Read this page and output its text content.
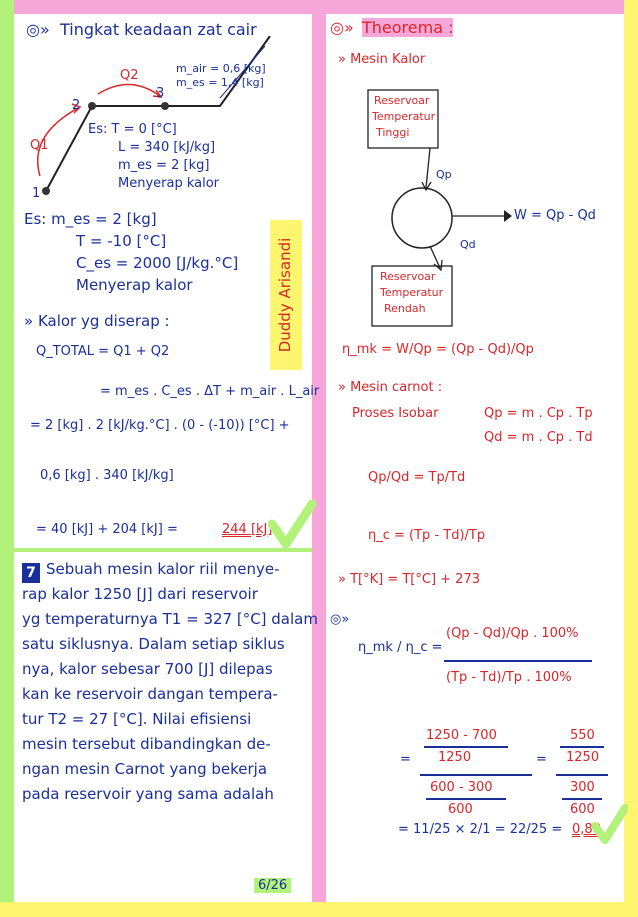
◎» Tingkat keadaan zat cair
m_air = 0,6 [kg]
m_es = 1,4 [kg]
Q2
3
2
Q1
1
Es: T = 0 [°C]
L = 340 [kJ/kg]
m_es = 2 [kg]
Menyerap kalor
Es: m_es = 2 [kg]
T = -10 [°C]
C_es = 2000 [J/kg.°C]
Menyerap kalor
» Kalor yg diserap :
Q_TOTAL = Q1 + Q2
= m_es . C_es . ΔT + m_air . L_air
= 2 [kg] . 2 [kJ/kg.°C] . (0 - (-10)) [°C] +
0,6 [kg] . 340 [kJ/kg]
= 40 [kJ] + 204 [kJ] =	244 [kJ]
Duddy Arisandi
7 Sebuah mesin kalor riil menye-
rap kalor 1250 [J] dari reservoir
yg temperaturnya T1 = 327 [°C] dalam
satu siklusnya. Dalam setiap siklus
nya, kalor sebesar 700 [J] dilepas
kan ke reservoir dangan tempera-
tur T2 = 27 [°C]. Nilai efisiensi
mesin tersebut dibandingkan de-
ngan mesin Carnot yang bekerja
pada reservoir yang sama adalah
◎» Theorema :
» Mesin Kalor
Reservoar
Temperatur
Tinggi
Qp
W = Qp - Qd
Qd
Reservoar
Temperatur
Rendah
η_mk = W/Qp = (Qp - Qd)/Qp
» Mesin carnot :
Proses Isobar	Qp = m . Cp . Tp
Qd = m . Cp . Td
Qp/Qd = Tp/Td
η_c = (Tp - Td)/Tp
» T[°K] = T[°C] + 273
◎»
η_mk / η_c =
(Qp - Qd)/Qp . 100%
(Tp - Td)/Tp . 100%
=
1250 - 700
1250
600 - 300
600
=
550
1250
300
600
= 11/25 × 2/1 = 22/25 = 0,88
6/26
